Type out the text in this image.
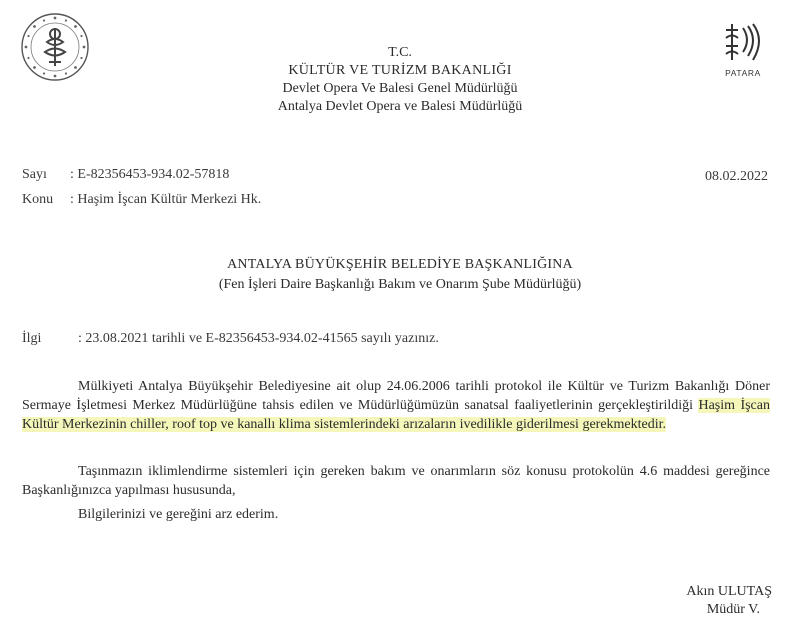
PATARA
T.C.
KÜLTÜR VE TURİZM BAKANLIĞI
Devlet Opera Ve Balesi Genel Müdürlüğü
Antalya Devlet Opera ve Balesi Müdürlüğü
Sayı : E-82356453-934.02-57818	08.02.2022
Konu : Haşim İşcan Kültür Merkezi Hk.
ANTALYA BÜYÜKŞEHİR BELEDİYE BAŞKANLIĞINA
(Fen İşleri Daire Başkanlığı Bakım ve Onarım Şube Müdürlüğü)
İlgi	: 23.08.2021 tarihli ve E-82356453-934.02-41565 sayılı yazınız.
Mülkiyeti Antalya Büyükşehir Belediyesine ait olup 24.06.2006 tarihli protokol ile Kültür ve Turizm Bakanlığı Döner Sermaye İşletmesi Merkez Müdürlüğüne tahsis edilen ve Müdürlüğümüzün sanatsal faaliyetlerinin gerçekleştirildiği Haşim İşcan Kültür Merkezinin chiller, roof top ve kanallı klima sistemlerindeki arızaların ivedilikle giderilmesi gerekmektedir.
Taşınmazın iklimlendirme sistemleri için gereken bakım ve onarımların söz konusu protokolün 4.6 maddesi gereğince Başkanlığınızca yapılması hususunda,
Bilgilerinizi ve gereğini arz ederim.
Akın ULUTAŞ
Müdür V.
